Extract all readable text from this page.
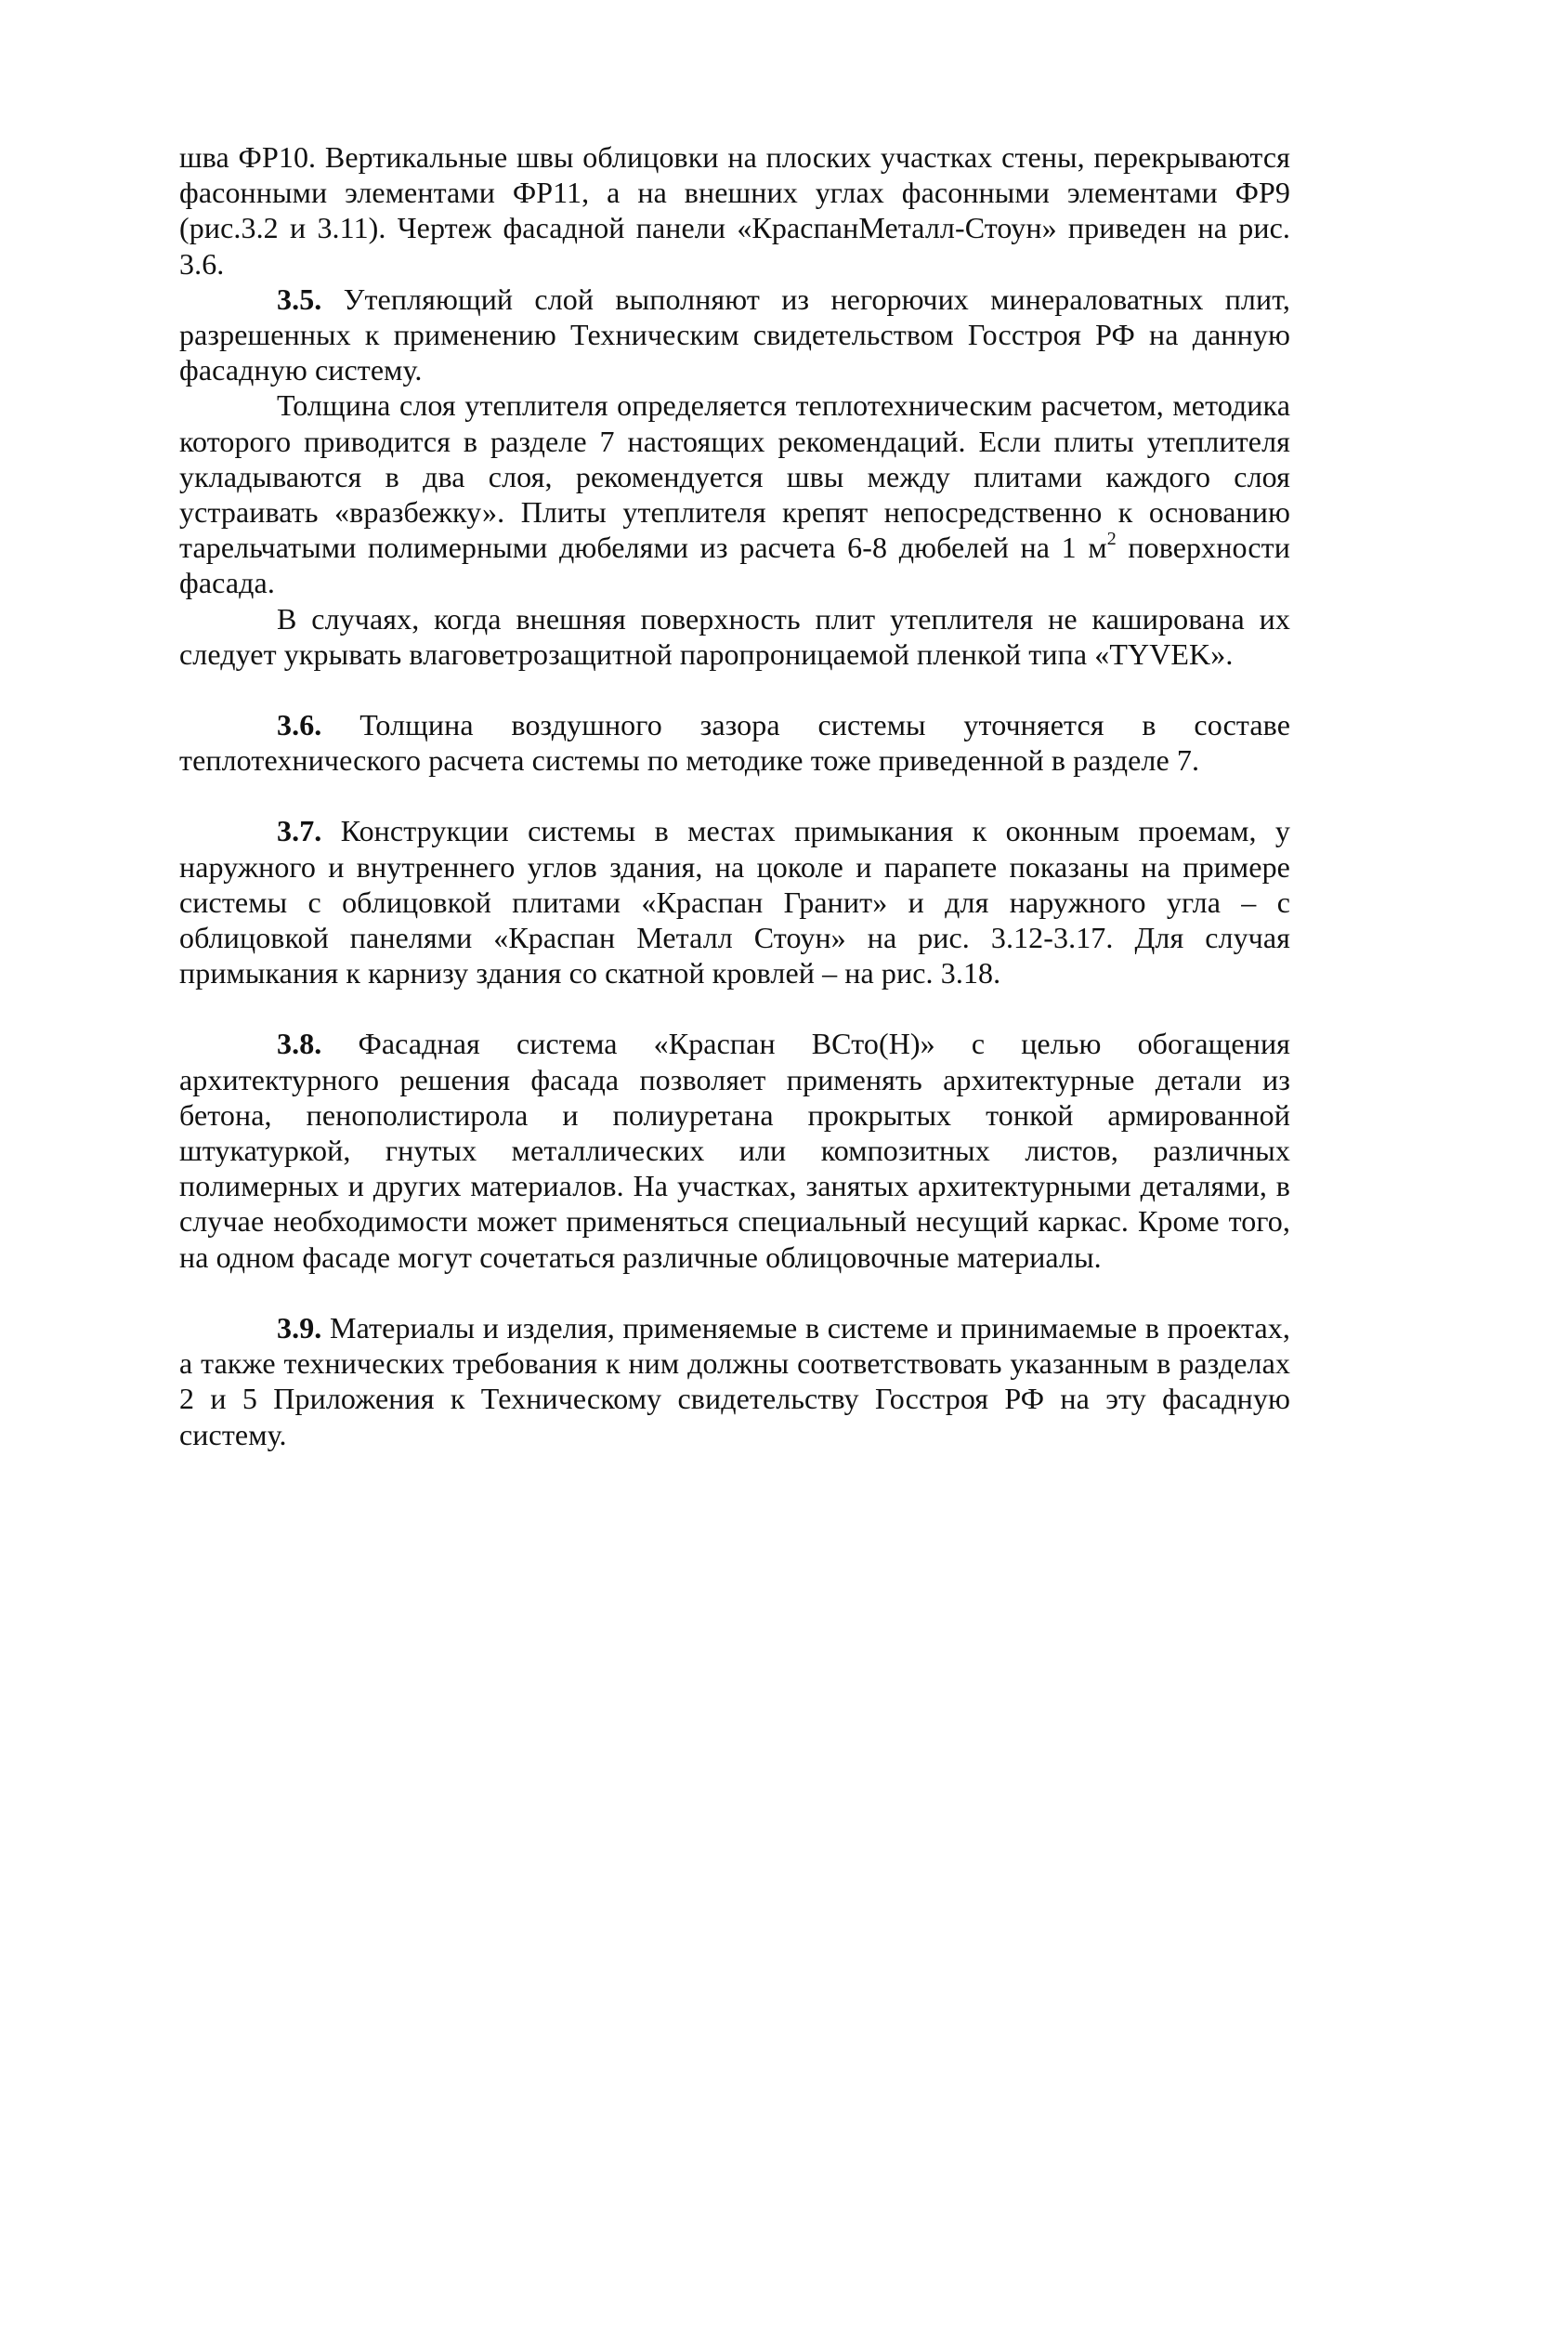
шва ФР10. Вертикальные швы облицовки на плоских участках стены, перекрываются фасонными элементами ФР11, а на внешних углах фасонными элементами ФР9 (рис.3.2 и 3.11). Чертеж фасадной панели «КраспанМеталл-Стоун» приведен на рис. 3.6.

3.5. Утепляющий слой выполняют из негорючих минераловатных плит, разрешенных к применению Техническим свидетельством Госстроя РФ на данную фасадную систему.

Толщина слоя утеплителя определяется теплотехническим расчетом, методика которого приводится в разделе 7 настоящих рекомендаций. Если плиты утеплителя укладываются в два слоя, рекомендуется швы между плитами каждого слоя устраивать «вразбежку». Плиты утеплителя крепят непосредственно к основанию тарельчатыми полимерными дюбелями из расчета 6-8 дюбелей на 1 $м^2$ поверхности фасада.

В случаях, когда внешняя поверхность плит утеплителя не каширована их следует укрывать влаговетрозащитной паропроницаемой пленкой типа «TYVEK».

3.6. Толщина воздушного зазора системы уточняется в составе теплотехнического расчета системы по методике тоже приведенной в разделе 7.

3.7. Конструкции системы в местах примыкания к оконным проемам, у наружного и внутреннего углов здания, на цоколе и парапете показаны на примере системы с облицовкой плитами «Краспан Гранит» и для наружного угла – с облицовкой панелями «Краспан Металл Стоун» на рис. 3.12-3.17. Для случая примыкания к карнизу здания со скатной кровлей – на рис. 3.18.

3.8. Фасадная система «Краспан ВСто(Н)» с целью обогащения архитектурного решения фасада позволяет применять архитектурные детали из бетона, пенополистирола и полиуретана прокрытых тонкой армированной штукатуркой, гнутых металлических или композитных листов, различных полимерных и других материалов. На участках, занятых архитектурными деталями, в случае необходимости может применяться специальный несущий каркас. Кроме того, на одном фасаде могут сочетаться различные облицовочные материалы.

3.9. Материалы и изделия, применяемые в системе и принимаемые в проектах, а также технических требования к ним должны соответствовать указанным в разделах 2 и 5 Приложения к Техническому свидетельству Госстроя РФ на эту фасадную систему.
